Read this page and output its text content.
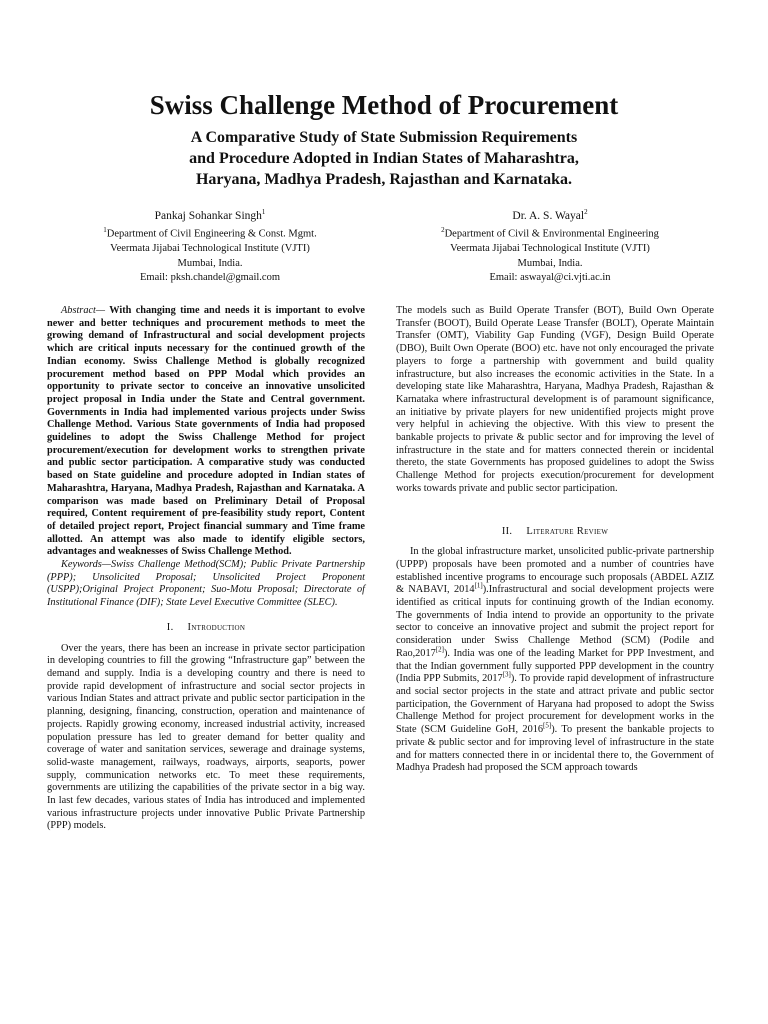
Swiss Challenge Method of Procurement
A Comparative Study of State Submission Requirements
and Procedure Adopted in Indian States of Maharashtra,
Haryana, Madhya Pradesh, Rajasthan and Karnataka.
Pankaj Sohankar Singh$^1$
$^1$Department of Civil Engineering & Const. Mgmt.
Veermata Jijabai Technological Institute (VJTI)
Mumbai, India.
Email: pksh.chandel@gmail.com
Dr. A. S. Wayal$^2$
$^2$Department of Civil & Environmental Engineering
Veermata Jijabai Technological Institute (VJTI)
Mumbai, India.
Email: aswayal@ci.vjti.ac.in

Abstract— With changing time and needs it is important to evolve newer and better techniques and procurement methods to meet the growing demand of Infrastructural and social development projects which are critical inputs necessary for the continued growth of the Indian economy. Swiss Challenge Method is globally recognized procurement method based on PPP Modal which provides an opportunity to private sector to conceive an innovative unsolicited project proposal in India under the State and Central government. Governments in India had implemented various projects under Swiss Challenge Method. Various State governments of India had proposed guidelines to adopt the Swiss Challenge Method for project procurement/execution for development works to strengthen private and public sector participation. A comparative study was conducted based on State guideline and procedure adopted in Indian states of Maharashtra, Haryana, Madhya Pradesh, Rajasthan and Karnataka. A comparison was made based on Preliminary Detail of Proposal required, Content requirement of pre-feasibility study report, Content of detailed project report, Project financial summary and Time frame allotted. An attempt was also made to identify eligible sectors, advantages and weaknesses of Swiss Challenge Method.

Keywords—Swiss Challenge Method(SCM); Public Private Partnership (PPP); Unsolicited Proposal; Unsolicited Project Proponent (USPP);Original Project Proponent; Suo-Motu Proposal; Directorate of Institutional Finance (DIF); State Level Executive Committee (SLEC).

I. Introduction

Over the years, there has been an increase in private sector participation in developing countries to fill the growing “Infrastructure gap” between the demand and supply. India is a developing country and there is need to provide rapid development of infrastructure and social sector projects in various Indian States and attract private and public sector participation in the planning, designing, financing, construction, operation and maintenance of projects. Rapidly growing economy, increased industrial activity, increased population pressure has led to greater demand for better quality and coverage of water and sanitation services, sewerage and drainage systems, solid-waste management, railways, roadways, airports, seaports, power supply, communication networks etc. To meet these requirements, governments are utilizing the capabilities of the private sector in a big way. In last few decades, various states of India has introduced and implemented various infrastructure projects under innovative Public Private Partnership (PPP) models.

The models such as Build Operate Transfer (BOT), Build Own Operate Transfer (BOOT), Build Operate Lease Transfer (BOLT), Operate Maintain Transfer (OMT), Viability Gap Funding (VGF), Design Build Operate (DBO), Built Own Operate (BOO) etc. have not only encouraged the private players to forge a partnership with government and build quality infrastructure, but also increases the economic activities in the State. In a developing state like Maharashtra, Haryana, Madhya Pradesh, Rajasthan & Karnataka where infrastructural development is of paramount significance, an initiative by private players for new unidentified projects might prove very helpful in achieving the objective. With this view to present the bankable projects to private & public sector and for improving the level of infrastructure in the state and for matters connected therein or incidental thereto, the state Governments has proposed guidelines to adopt the Swiss Challenge Method for projects execution/procurement for development works towards private and public sector participation.

II. Literature Review

In the global infrastructure market, unsolicited public-private partnership (UPPP) proposals have been promoted and a number of countries have established incentive programs to encourage such proposals (ABDEL AZIZ & NABAVI, 2014[1]).Infrastructural and social development projects were identified as critical inputs for continuing growth of the Indian economy. The governments of India intend to provide an opportunity to the private sector to conceive an innovative project and submit the project report for consideration under Swiss Challenge Method (SCM) (Podile and Rao,2017[2]). India was one of the leading Market for PPP Investment, and that the Indian government fully supported PPP development in the country (India PPP Submits, 2017[3]). To provide rapid development of infrastructure and social sector projects in the state and attract private and public sector participation, the Government of Haryana had proposed to adopt the Swiss Challenge Method for project procurement for development works in the State (SCM Guideline GoH, 2016[5]). To present the bankable projects to private & public sector and for improving level of infrastructure in the state and for matters connected there in or incidental there to, the Government of Madhya Pradesh had proposed the SCM approach towards
